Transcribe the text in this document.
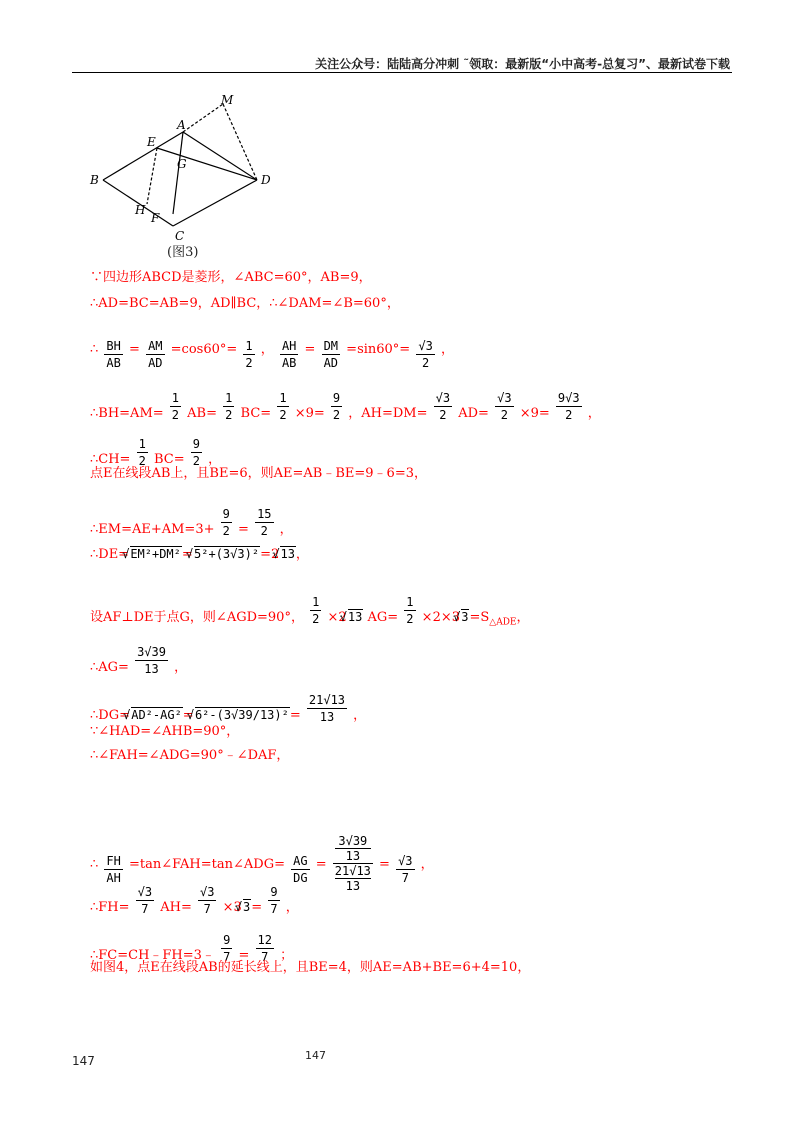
关注公众号：陆陆高分冲刺 ˜领取：最新版“小中高考-总复习”、最新试卷下载
M
A
E
G
B	D
H
F
C
(图3)
∵四边形ABCD是菱形，∠ABC=60°，AB=9，
∴AD=BC=AB=9，AD∥BC，∴∠DAM=∠B=60°，
∴ $\frac{BH}{AB} = \frac{AM}{AD} =\cos 60^\circ= \frac{1}{2}$ ， $\frac{AH}{AB} = \frac{DM}{AD} =\sin 60^\circ= \frac{√3}{2}$ ，
∴BH=AM= $\frac{1}{2} AB= \frac{1}{2} BC= \frac{1}{2} \times 9= \frac{9}{2}$ ，$AH=DM= \frac{√3}{2} AD= \frac{√3}{2} \times 9= \frac{9√3}{2}$ ，
∴CH= $\frac{1}{2} BC= \frac{9}{2}$ ，
点E在线段AB上，且BE=6，则AE=AB﹣BE=9﹣6=3，
∴EM=AE+AM=3+ $\frac{9}{2} = \frac{15}{2}$ ，
∴DE=√ EM²+DM²=√ 5²+(3√3)²=2√ 13，
设AF⊥DE于点G，则∠AGD=90°， $\frac{1}{2} \times 2√$ 13 $AG= \frac{1}{2} \times 2\times 3√$ $3=S_{\triangle ADE}$，
∴AG= $\frac{3√39}{13}$ ，
∴DG=√ AD²-AG²=√ $6^2-(3√39/13)^2= \frac{21√13}{13}$ ，
∵∠HAD=∠AHB=90°，
∴∠FAH=∠ADG=90°﹣∠DAF，
∴ $\frac{FH}{AH}$ =tan∠FAH=tan∠ADG= $\frac{AG}{DG} = 3√39$
13
21√13
$13 = \frac{√3}{7}$ ，
∴FH= $\frac{√3}{7} AH= \frac{√3}{7} \times 3√$ $3= \frac{9}{7}$ ，
∴FC=CH﹣FH=3﹣ $\frac{9}{7} = \frac{12}{7}$ ；
如图4，点E在线段AB的延长线上，且BE=4，则AE=AB+BE=6+4=10，
147	147
